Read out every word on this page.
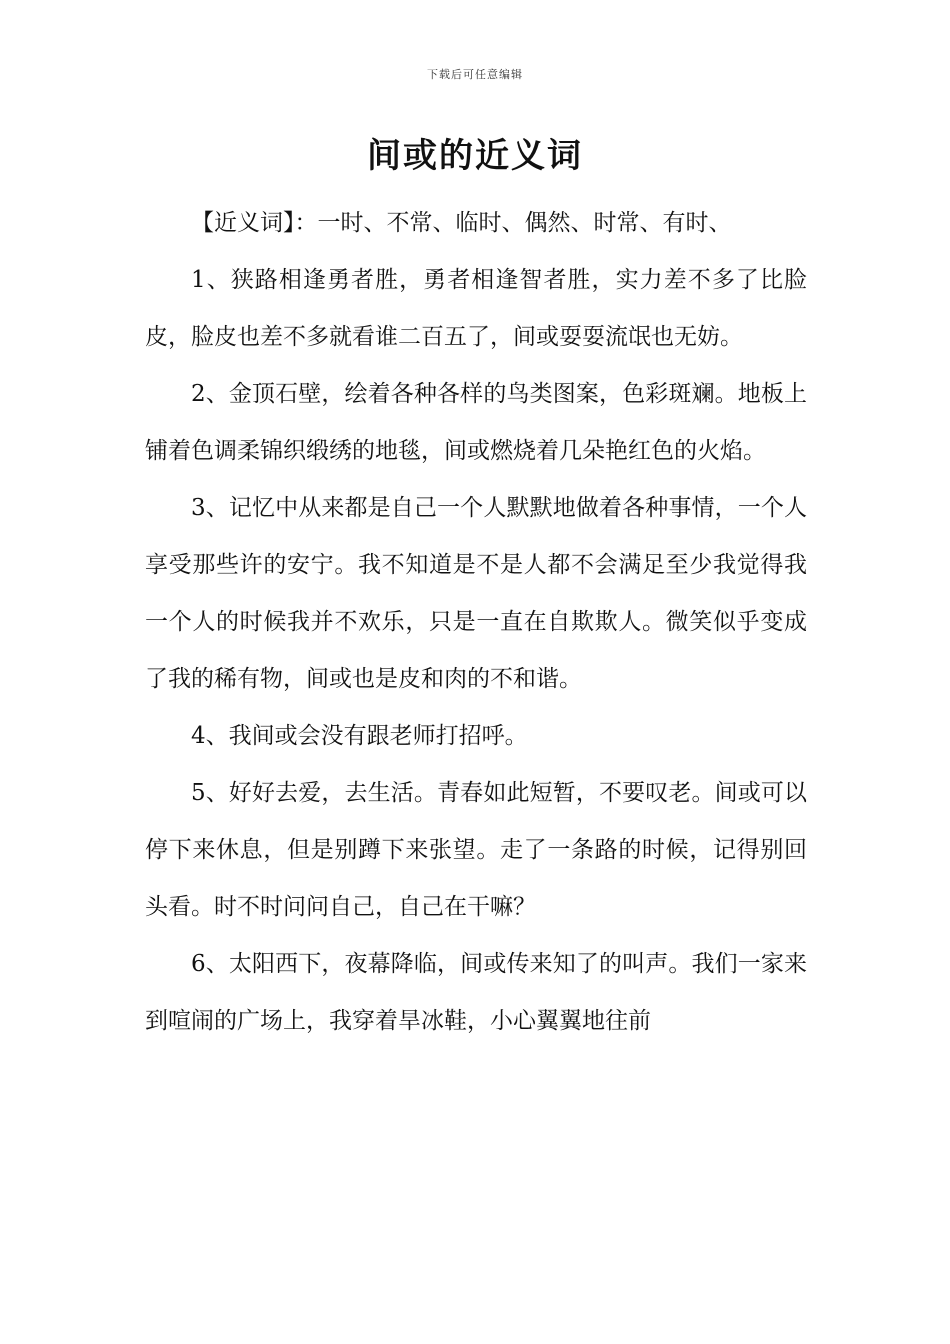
下载后可任意编辑
间或的近义词

【近义词】：一时、不常、临时、偶然、时常、有时、

1、狭路相逢勇者胜，勇者相逢智者胜，实力差不多了比脸皮，脸皮也差不多就看谁二百五了，间或耍耍流氓也无妨。

2、金顶石壁，绘着各种各样的鸟类图案，色彩斑斓。地板上铺着色调柔锦织缎绣的地毯，间或燃烧着几朵艳红色的火焰。

3、记忆中从来都是自己一个人默默地做着各种事情，一个人享受那些许的安宁。我不知道是不是人都不会满足至少我觉得我一个人的时候我并不欢乐，只是一直在自欺欺人。微笑似乎变成了我的稀有物，间或也是皮和肉的不和谐。

4、我间或会没有跟老师打招呼。

5、好好去爱，去生活。青春如此短暂，不要叹老。间或可以停下来休息，但是别蹲下来张望。走了一条路的时候，记得别回头看。时不时问问自己，自己在干嘛？

6、太阳西下，夜幕降临，间或传来知了的叫声。我们一家来到喧闹的广场上，我穿着旱冰鞋，小心翼翼地往前
